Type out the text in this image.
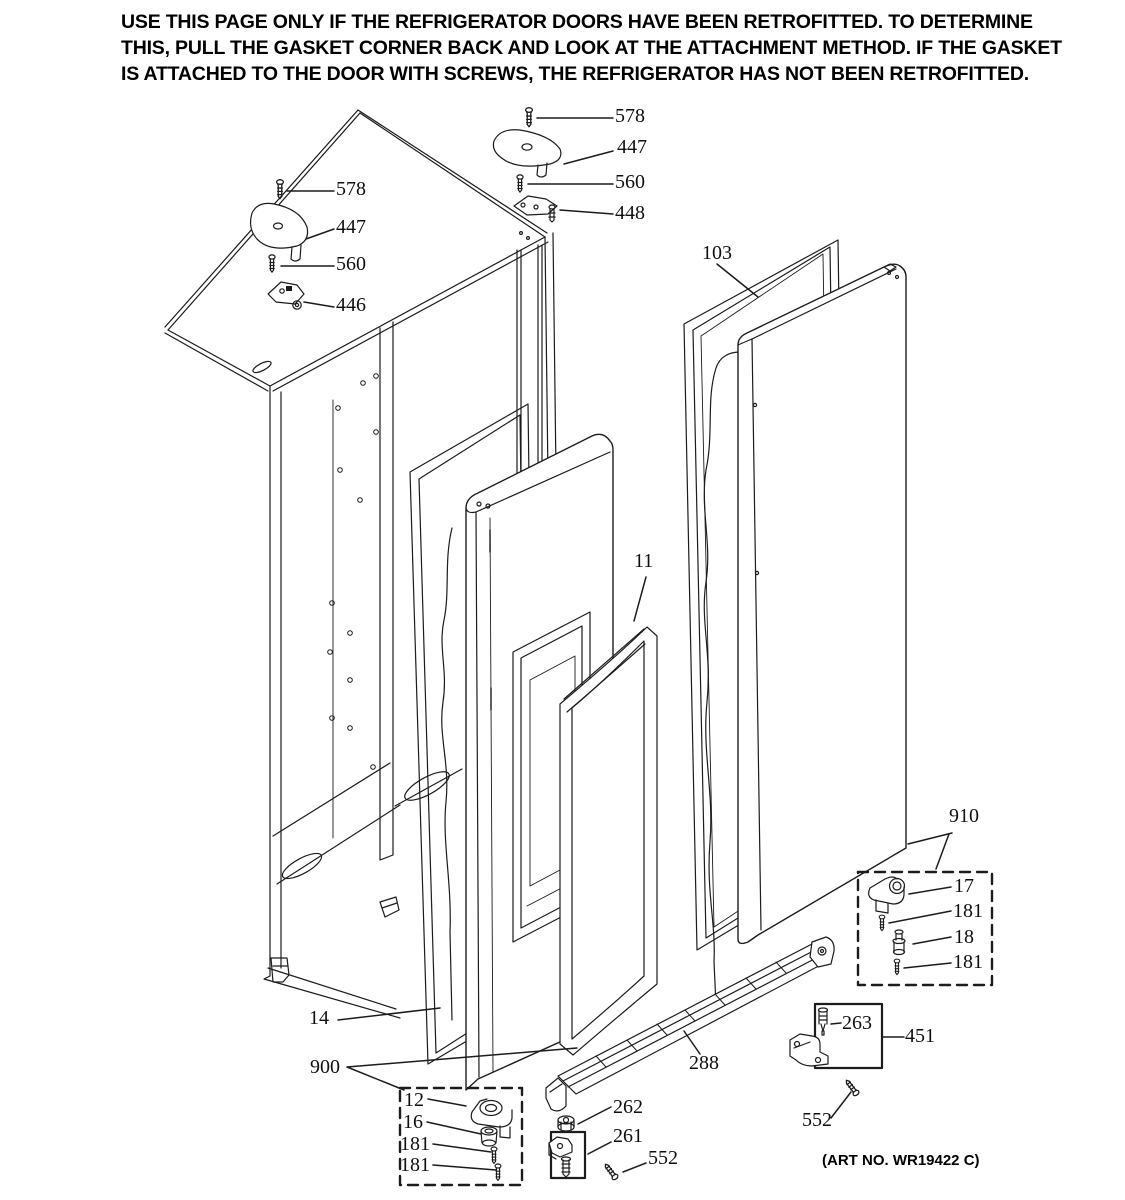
USE THIS PAGE ONLY IF THE REFRIGERATOR DOORS HAVE BEEN RETROFITTED. TO DETERMINE
THIS, PULL THE GASKET CORNER BACK AND LOOK AT THE ATTACHMENT METHOD. IF THE GASKET
IS ATTACHED TO THE DOOR WITH SCREWS, THE REFRIGERATOR HAS NOT BEEN RETROFITTED.
578
447
560
448
578
447
560
446
103
11
910
17
181
18
181
263
451
288
14
900
12
16
181
181
262
261
552
552
(ART NO. WR19422 C)
